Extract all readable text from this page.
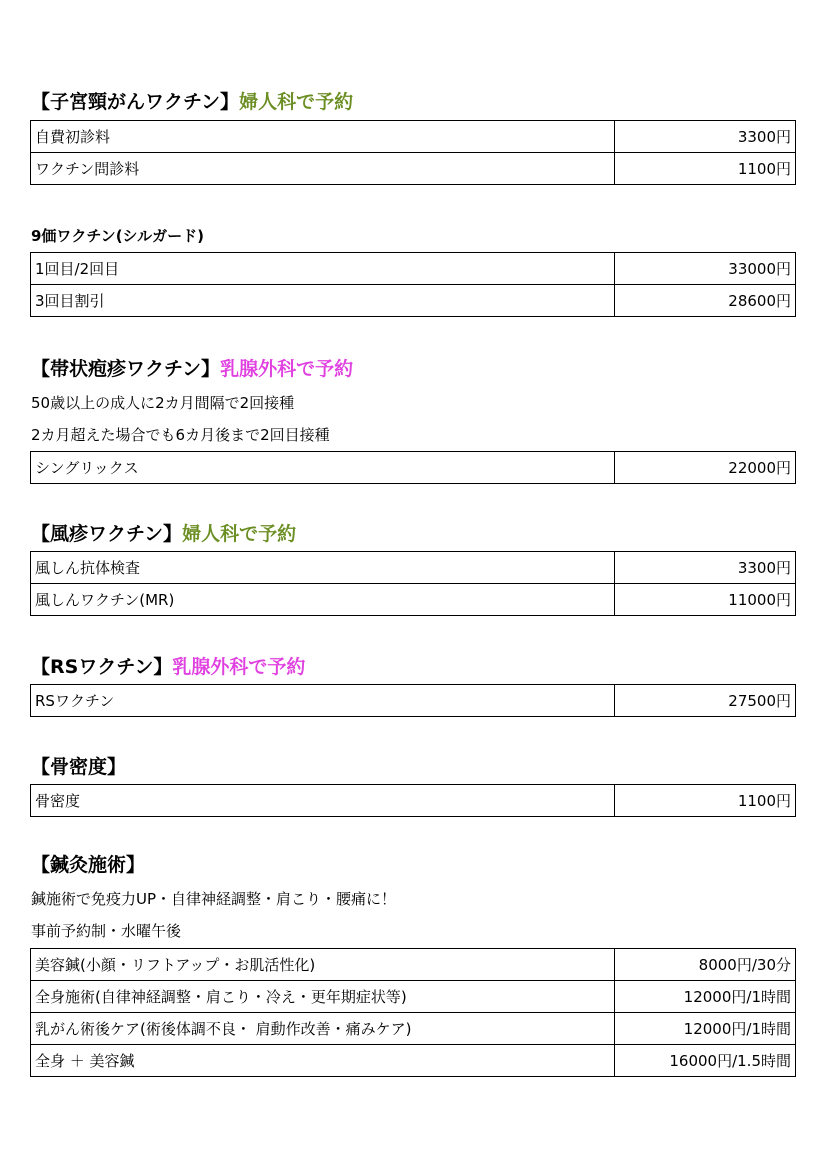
【子宮頸がんワクチン】婦人科で予約
自費初診料	3300円
ワクチン問診料	1100円
9価ワクチン(シルガード)
1回目/2回目	33000円
3回目割引	28600円
【帯状疱疹ワクチン】乳腺外科で予約
50歳以上の成人に2カ月間隔で2回接種
2カ月超えた場合でも6カ月後まで2回目接種
シングリックス	22000円
【風疹ワクチン】婦人科で予約
風しん抗体検査	3300円
風しんワクチン(MR)	11000円
【RSワクチン】乳腺外科で予約
RSワクチン	27500円
【骨密度】
骨密度	1100円
【鍼灸施術】
鍼施術で免疫力UP・自律神経調整・肩こり・腰痛に！
事前予約制・水曜午後
美容鍼(小顔・リフトアップ・お肌活性化)	8000円/30分
全身施術(自律神経調整・肩こり・冷え・更年期症状等)	12000円/1時間
乳がん術後ケア(術後体調不良・ 肩動作改善・痛みケア)	12000円/1時間
全身 ＋ 美容鍼	16000円/1.5時間
